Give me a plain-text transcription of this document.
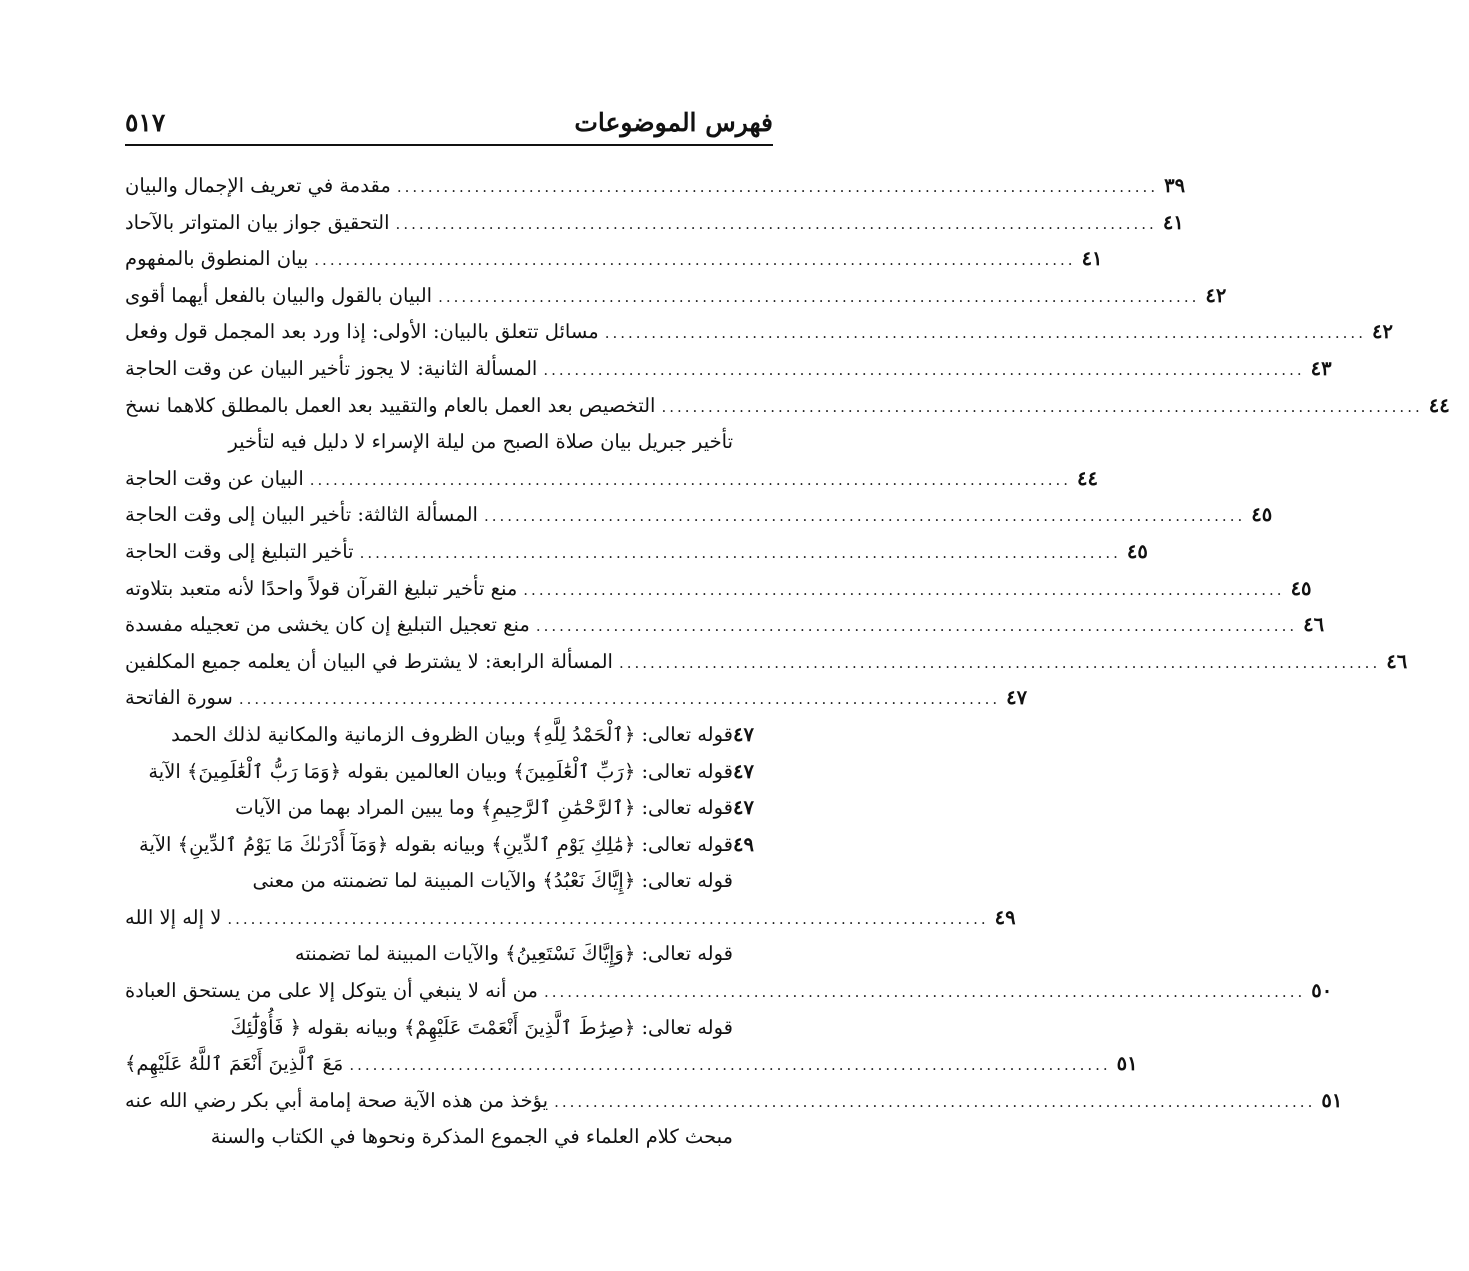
فهرس الموضوعات
٥١٧
مقدمة في تعريف الإجمال والبيان .................................................................................................. ٣٩
التحقيق جواز بيان المتواتر بالآحاد .................................................................................................. ٤١
بيان المنطوق بالمفهوم .................................................................................................. ٤١
البيان بالقول والبيان بالفعل أيهما أقوى .................................................................................................. ٤٢
مسائل تتعلق بالبيان: الأولى: إذا ورد بعد المجمل قول وفعل .................................................................................................. ٤٢
المسألة الثانية: لا يجوز تأخير البيان عن وقت الحاجة .................................................................................................. ٤٣
التخصيص بعد العمل بالعام والتقييد بعد العمل بالمطلق كلاهما نسخ .................................................................................................. ٤٤
تأخير جبريل بيان صلاة الصبح من ليلة الإسراء لا دليل فيه لتأخير
البيان عن وقت الحاجة .................................................................................................. ٤٤
المسألة الثالثة: تأخير البيان إلى وقت الحاجة .................................................................................................. ٤٥
تأخير التبليغ إلى وقت الحاجة .................................................................................................. ٤٥
منع تأخير تبليغ القرآن قولاً واحدًا لأنه متعبد بتلاوته .................................................................................................. ٤٥
منع تعجيل التبليغ إن كان يخشى من تعجيله مفسدة .................................................................................................. ٤٦
المسألة الرابعة: لا يشترط في البيان أن يعلمه جميع المكلفين .................................................................................................. ٤٦
سورة الفاتحة .................................................................................................. ٤٧
قوله تعالى: ﴿ٱلْحَمْدُ لِلَّهِ﴾ وبيان الظروف الزمانية والمكانية لذلك الحمد ٤٧
قوله تعالى: ﴿رَبِّ ٱلْعَٰلَمِينَ﴾ وبيان العالمين بقوله ﴿وَمَا رَبُّ ٱلْعَٰلَمِينَ﴾ الآية ٤٧
قوله تعالى: ﴿ٱلرَّحْمَٰنِ ٱلرَّحِيمِ﴾ وما يبين المراد بهما من الآيات ٤٧
قوله تعالى: ﴿مَٰلِكِ يَوْمِ ٱلدِّينِ﴾ وبيانه بقوله ﴿وَمَآ أَدْرَىٰكَ مَا يَوْمُ ٱلدِّينِ﴾ الآية ٤٩
قوله تعالى: ﴿إِيَّاكَ نَعْبُدُ﴾ والآيات المبينة لما تضمنته من معنى
لا إله إلا الله .................................................................................................. ٤٩
قوله تعالى: ﴿وَإِيَّاكَ نَسْتَعِينُ﴾ والآيات المبينة لما تضمنته
من أنه لا ينبغي أن يتوكل إلا على من يستحق العبادة .................................................................................................. ٥٠
قوله تعالى: ﴿صِرَٰطَ ٱلَّذِينَ أَنْعَمْتَ عَلَيْهِمْ﴾ وبيانه بقوله ﴿ فَأُوْلَٰٓئِكَ
مَعَ ٱلَّذِينَ أَنْعَمَ ٱللَّهُ عَلَيْهِم﴾ .................................................................................................. ٥١
يؤخذ من هذه الآية صحة إمامة أبي بكر رضي الله عنه .................................................................................................. ٥١
مبحث كلام العلماء في الجموع المذكرة ونحوها في الكتاب والسنة
